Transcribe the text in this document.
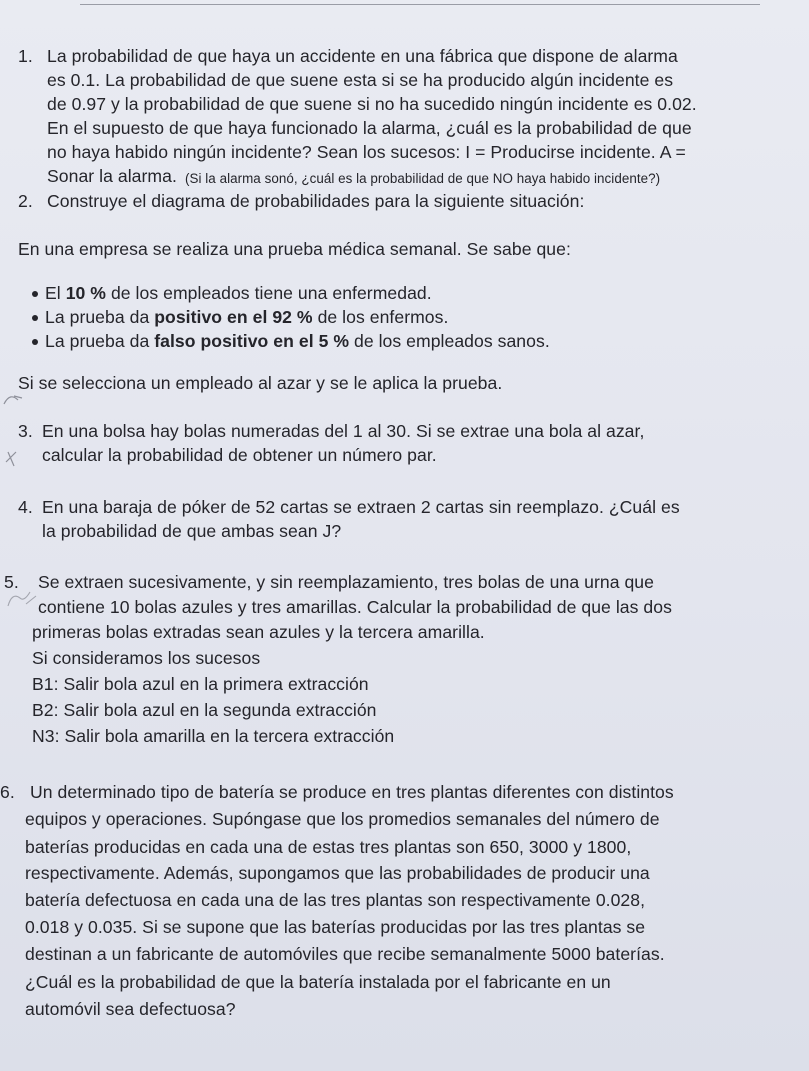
1. La probabilidad de que haya un accidente en una fábrica que dispone de alarma
es 0.1. La probabilidad de que suene esta si se ha producido algún incidente es
de 0.97 y la probabilidad de que suene si no ha sucedido ningún incidente es 0.02.
En el supuesto de que haya funcionado la alarma, ¿cuál es la probabilidad de que
no haya habido ningún incidente? Sean los sucesos: I = Producirse incidente. A =
Sonar la alarma. (Si la alarma sonó, ¿cuál es la probabilidad de que NO haya habido incidente?)
2. Construye el diagrama de probabilidades para la siguiente situación:
En una empresa se realiza una prueba médica semanal. Se sabe que:
El 10 % de los empleados tiene una enfermedad.
La prueba da positivo en el 92 % de los enfermos.
La prueba da falso positivo en el 5 % de los empleados sanos.
Si se selecciona un empleado al azar y se le aplica la prueba.
3. En una bolsa hay bolas numeradas del 1 al 30. Si se extrae una bola al azar,
calcular la probabilidad de obtener un número par.
4. En una baraja de póker de 52 cartas se extraen 2 cartas sin reemplazo. ¿Cuál es
la probabilidad de que ambas sean J?
5. Se extraen sucesivamente, y sin reemplazamiento, tres bolas de una urna que
contiene 10 bolas azules y tres amarillas. Calcular la probabilidad de que las dos
primeras bolas extradas sean azules y la tercera amarilla.
Si consideramos los sucesos
B1: Salir bola azul en la primera extracción
B2: Salir bola azul en la segunda extracción
N3: Salir bola amarilla en la tercera extracción
6. Un determinado tipo de batería se produce en tres plantas diferentes con distintos
equipos y operaciones. Supóngase que los promedios semanales del número de
baterías producidas en cada una de estas tres plantas son 650, 3000 y 1800,
respectivamente. Además, supongamos que las probabilidades de producir una
batería defectuosa en cada una de las tres plantas son respectivamente 0.028,
0.018 y 0.035. Si se supone que las baterías producidas por las tres plantas se
destinan a un fabricante de automóviles que recibe semanalmente 5000 baterías.
¿Cuál es la probabilidad de que la batería instalada por el fabricante en un
automóvil sea defectuosa?
